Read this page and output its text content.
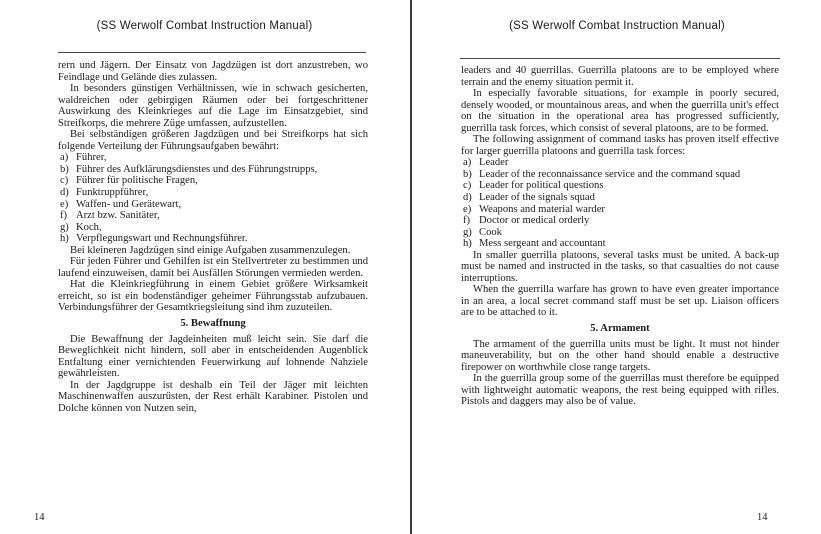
(SS Werwolf Combat Instruction Manual)

rern und Jägern. Der Einsatz von Jagdzügen ist dort anzustreben, wo Feindlage und Gelände dies zulassen.

In besonders günstigen Verhältnissen, wie in schwach gesicherten, waldreichen oder gebirgigen Räumen oder bei fortgeschrittener Auswirkung des Kleinkrieges auf die Lage im Einsatzgebiet, sind Streifkorps, die mehrere Züge umfassen, aufzustellen.

Bei selbständigen größeren Jagdzügen und bei Streifkorps hat sich folgende Verteilung der Führungsaufgaben bewährt:

a) Führer,
b) Führer des Aufklärungsdienstes und des Führungstrupps,
c) Führer für politische Fragen,
d) Funktruppführer,
e) Waffen- und Gerätewart,
f) Arzt bzw. Sanitäter,
g) Koch,
h) Verpflegungswart und Rechnungsführer.

Bei kleineren Jagdzügen sind einige Aufgaben zusammenzulegen.

Für jeden Führer und Gehilfen ist ein Stellvertreter zu bestimmen und laufend einzuweisen, damit bei Ausfällen Störungen vermieden werden.

Hat die Kleinkriegführung in einem Gebiet größere Wirksamkeit erreicht, so ist ein bodenständiger geheimer Führungsstab aufzubauen. Verbindungsführer der Gesamtkriegsleitung sind ihm zuzuteilen.

5. Bewaffnung

Die Bewaffnung der Jagdeinheiten muß leicht sein. Sie darf die Beweglichkeit nicht hindern, soll aber in entscheidenden Augenblick Entfaltung einer vernichtenden Feuerwirkung auf lohnende Nahziele gewährleisten.

In der Jagdgruppe ist deshalb ein Teil der Jäger mit leichten Maschinenwaffen auszurüsten, der Rest erhält Karabiner. Pistolen und Dolche können von Nutzen sein,

14
(SS Werwolf Combat Instruction Manual)

leaders and 40 guerrillas. Guerrilla platoons are to be employed where terrain and the enemy situation permit it.

In especially favorable situations, for example in poorly secured, densely wooded, or mountainous areas, and when the guerrilla unit's effect on the situation in the operational area has progressed sufficiently, guerrilla task forces, which consist of several platoons, are to be formed.

The following assignment of command tasks has proven itself effective for larger guerrilla platoons and guerrilla task forces:

a) Leader
b) Leader of the reconnaissance service and the command squad
c) Leader for political questions
d) Leader of the signals squad
e) Weapons and material warder
f) Doctor or medical orderly
g) Cook
h) Mess sergeant and accountant

In smaller guerrilla platoons, several tasks must be united. A back-up must be named and instructed in the tasks, so that casualties do not cause interruptions.

When the guerrilla warfare has grown to have even greater importance in an area, a local secret command staff must be set up. Liaison officers are to be attached to it.

5. Armament

The armament of the guerrilla units must be light. It must not hinder maneuverability, but on the other hand should enable a destructive firepower on worthwhile close range targets.

In the guerrilla group some of the guerrillas must therefore be equipped with lightweight automatic weapons, the rest being equipped with rifles. Pistols and daggers may also be of value.

14
